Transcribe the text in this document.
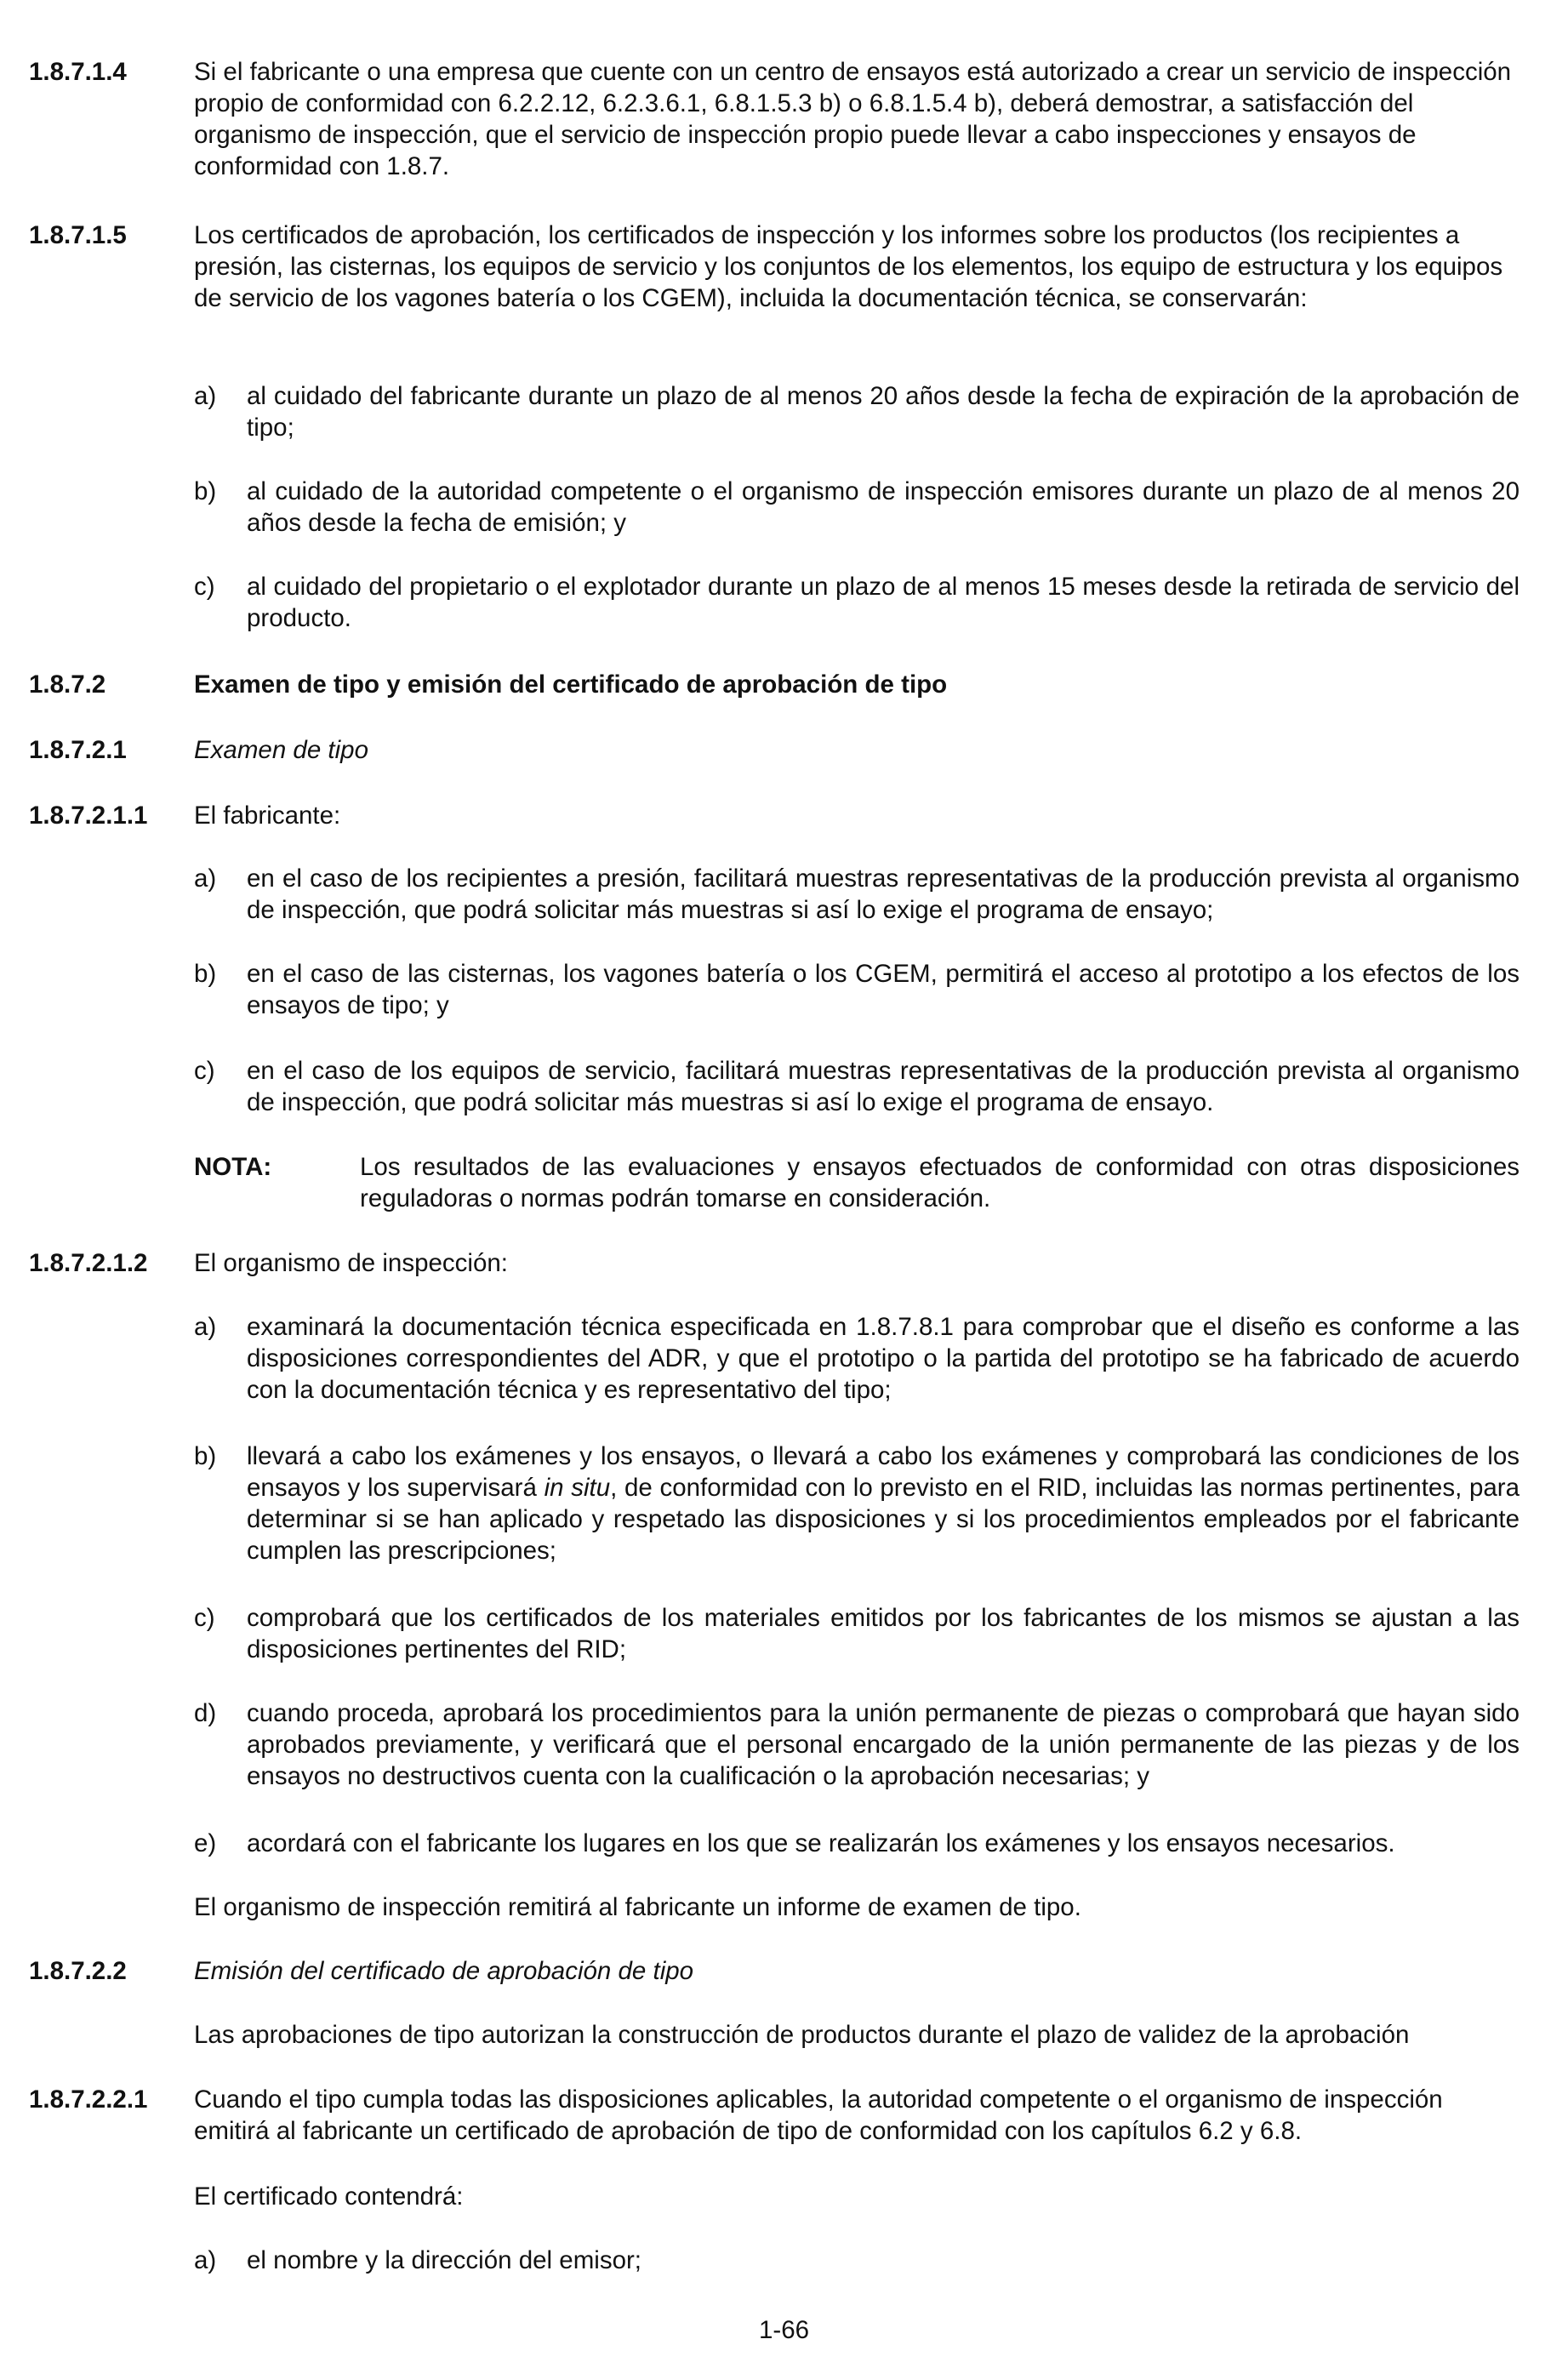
1.8.7.1.4	Si el fabricante o una empresa que cuente con un centro de ensayos está autorizado a crear un servicio de inspección propio de conformidad con 6.2.2.12, 6.2.3.6.1, 6.8.1.5.3 b) o 6.8.1.5.4 b), deberá demostrar, a satisfacción del organismo de inspección, que el servicio de inspección propio puede llevar a cabo inspecciones y ensayos de conformidad con 1.8.7.
1.8.7.1.5	Los certificados de aprobación, los certificados de inspección y los informes sobre los productos (los recipientes a presión, las cisternas, los equipos de servicio y los conjuntos de los elementos, los equipo de estructura y los equipos de servicio de los vagones batería o los CGEM), incluida la documentación técnica, se conservarán:
a)	al cuidado del fabricante durante un plazo de al menos 20 años desde la fecha de expiración de la aprobación de tipo;
b)	al cuidado de la autoridad competente o el organismo de inspección emisores durante un plazo de al menos 20 años desde la fecha de emisión; y
c)	al cuidado del propietario o el explotador durante un plazo de al menos 15 meses desde la retirada de servicio del producto.
1.8.7.2	Examen de tipo y emisión del certificado de aprobación de tipo
1.8.7.2.1	Examen de tipo
1.8.7.2.1.1 El fabricante:
a)	en el caso de los recipientes a presión, facilitará muestras representativas de la producción prevista al organismo de inspección, que podrá solicitar más muestras si así lo exige el programa de ensayo;
b)	en el caso de las cisternas, los vagones batería o los CGEM, permitirá el acceso al prototipo a los efectos de los ensayos de tipo; y
c)	en el caso de los equipos de servicio, facilitará muestras representativas de la producción prevista al organismo de inspección, que podrá solicitar más muestras si así lo exige el programa de ensayo.
NOTA:	Los resultados de las evaluaciones y ensayos efectuados de conformidad con otras disposiciones reguladoras o normas podrán tomarse en consideración.
1.8.7.2.1.2 El organismo de inspección:
a)	examinará la documentación técnica especificada en 1.8.7.8.1 para comprobar que el diseño es conforme a las disposiciones correspondientes del ADR, y que el prototipo o la partida del prototipo se ha fabricado de acuerdo con la documentación técnica y es representativo del tipo;
b)	llevará a cabo los exámenes y los ensayos, o llevará a cabo los exámenes y comprobará las condiciones de los ensayos y los supervisará in situ, de conformidad con lo previsto en el RID, incluidas las normas pertinentes, para determinar si se han aplicado y respetado las disposiciones y si los procedimientos empleados por el fabricante cumplen las prescripciones;
c)	comprobará que los certificados de los materiales emitidos por los fabricantes de los mismos se ajustan a las disposiciones pertinentes del RID;
d)	cuando proceda, aprobará los procedimientos para la unión permanente de piezas o comprobará que hayan sido aprobados previamente, y verificará que el personal encargado de la unión permanente de las piezas y de los ensayos no destructivos cuenta con la cualificación o la aprobación necesarias; y
e)	acordará con el fabricante los lugares en los que se realizarán los exámenes y los ensayos necesarios.
El organismo de inspección remitirá al fabricante un informe de examen de tipo.
1.8.7.2.2	Emisión del certificado de aprobación de tipo
Las aprobaciones de tipo autorizan la construcción de productos durante el plazo de validez de la aprobación
1.8.7.2.2.1 Cuando el tipo cumpla todas las disposiciones aplicables, la autoridad competente o el organismo de inspección emitirá al fabricante un certificado de aprobación de tipo de conformidad con los capítulos 6.2 y 6.8.
El certificado contendrá:
a)	el nombre y la dirección del emisor;
1-66
